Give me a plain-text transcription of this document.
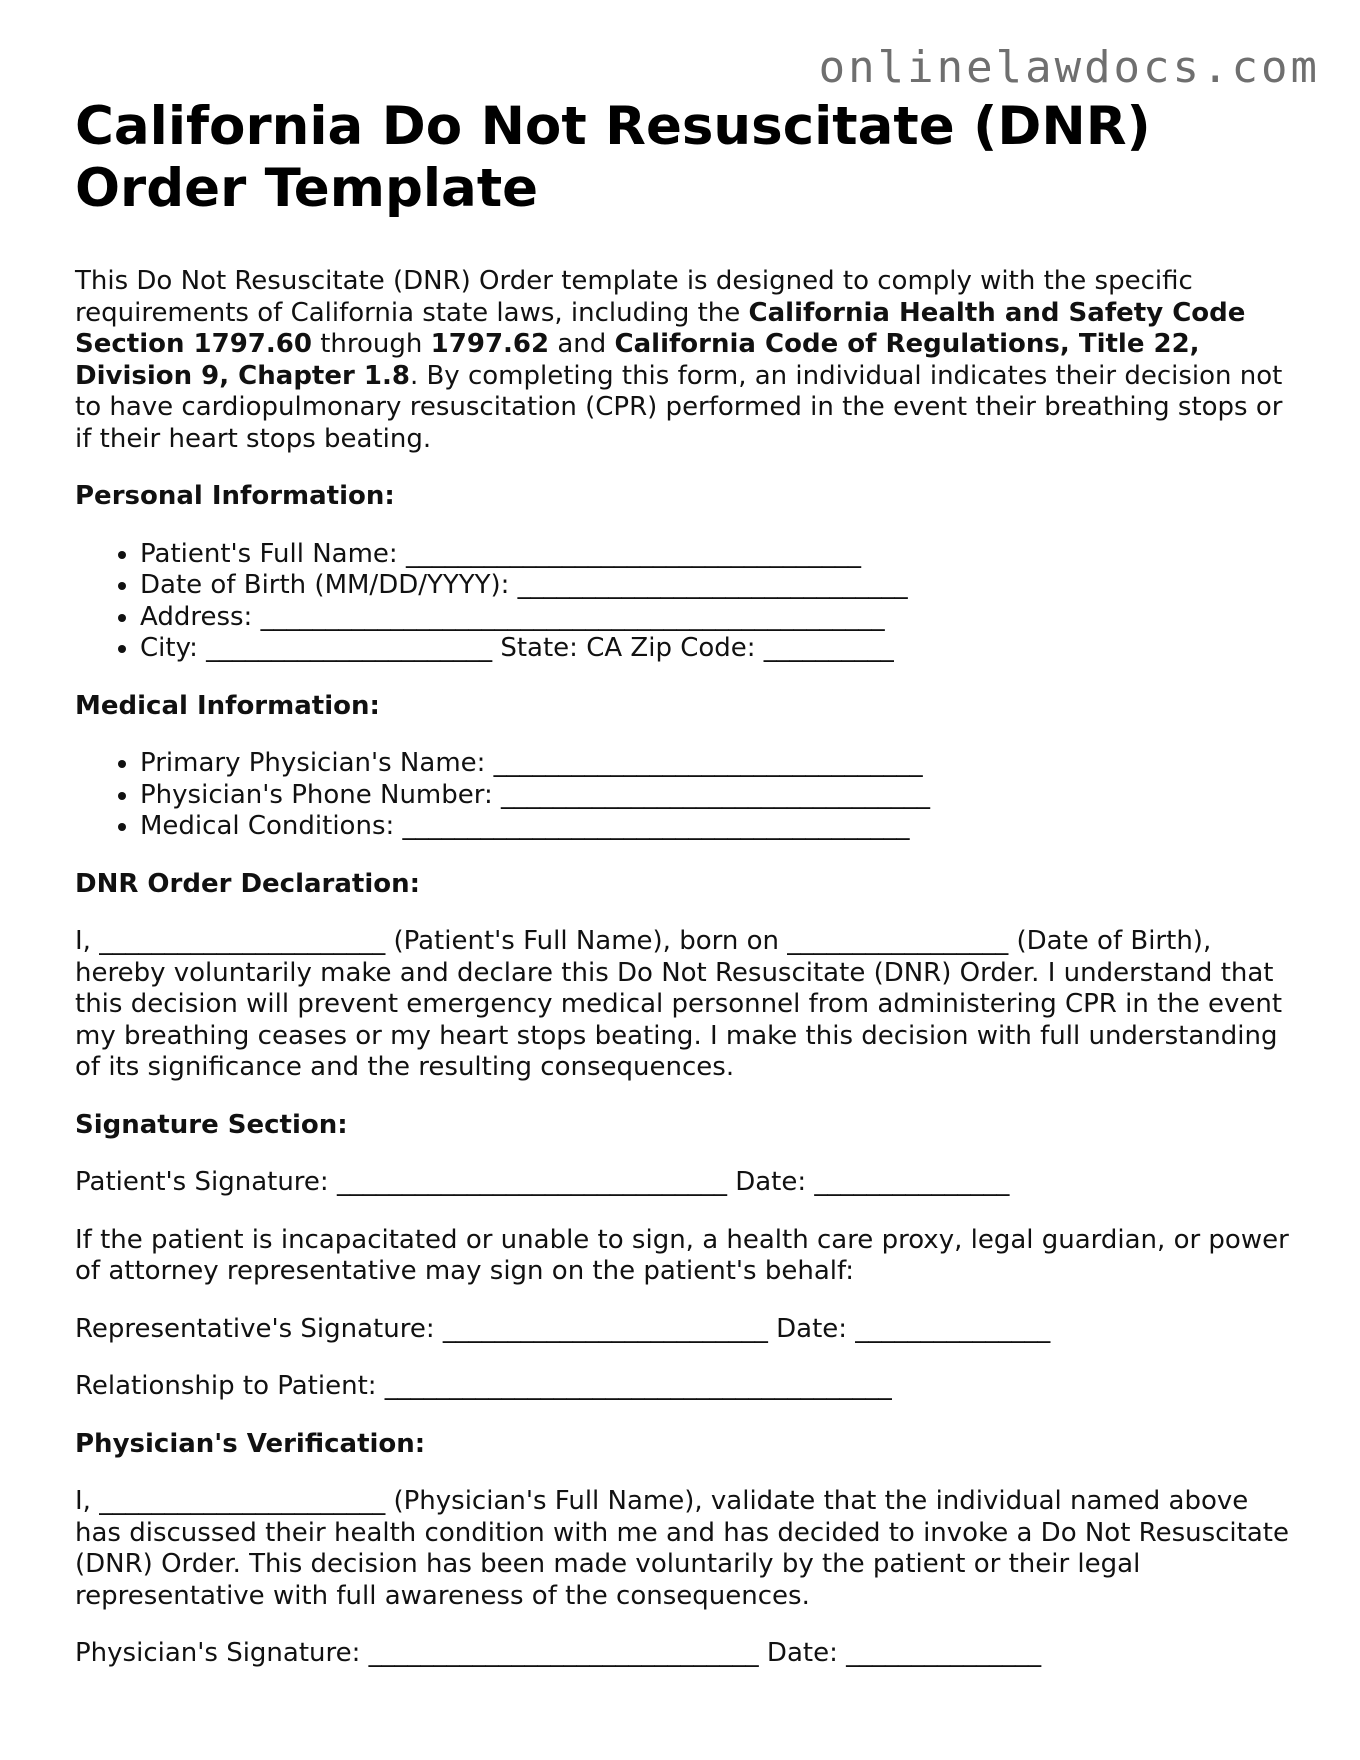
onlinelawdocs.com
California Do Not Resuscitate (DNR) Order Template

This Do Not Resuscitate (DNR) Order template is designed to comply with the specific requirements of California state laws, including the California Health and Safety Code Section 1797.60 through 1797.62 and California Code of Regulations, Title 22, Division 9, Chapter 1.8. By completing this form, an individual indicates their decision not to have cardiopulmonary resuscitation (CPR) performed in the event their breathing stops or if their heart stops beating.

Personal Information:
• Patient's Full Name: ___________________________________
• Date of Birth (MM/DD/YYYY): ______________________________
• Address: ________________________________________________
• City: ______________________ State: CA Zip Code: __________
Medical Information:
• Primary Physician's Name: _________________________________
• Physician's Phone Number: _________________________________
• Medical Conditions: _______________________________________
DNR Order Declaration:

I, ______________________ (Patient's Full Name), born on _________________ (Date of Birth), hereby voluntarily make and declare this Do Not Resuscitate (DNR) Order. I understand that this decision will prevent emergency medical personnel from administering CPR in the event my breathing ceases or my heart stops beating. I make this decision with full understanding of its significance and the resulting consequences.

Signature Section:

Patient's Signature: ______________________________ Date: _______________

If the patient is incapacitated or unable to sign, a health care proxy, legal guardian, or power of attorney representative may sign on the patient's behalf:

Representative's Signature: _________________________ Date: _______________

Relationship to Patient: _______________________________________

Physician's Verification:

I, ______________________ (Physician's Full Name), validate that the individual named above has discussed their health condition with me and has decided to invoke a Do Not Resuscitate (DNR) Order. This decision has been made voluntarily by the patient or their legal representative with full awareness of the consequences.

Physician's Signature: ______________________________ Date: _______________
